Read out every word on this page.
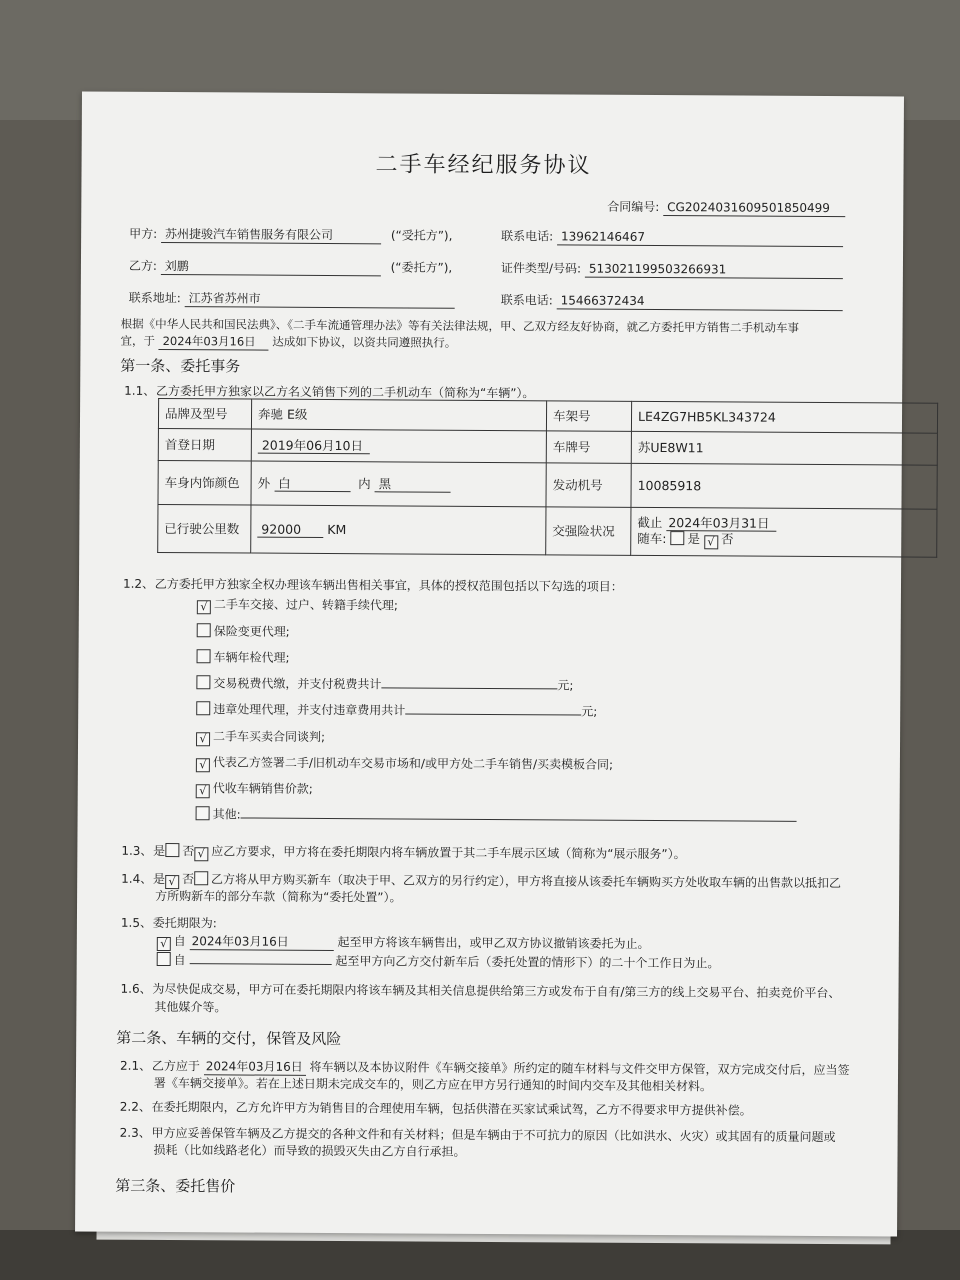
二手车经纪服务协议
合同编号: CG2024031609501850499
甲方: 苏州捷骏汽车销售服务有限公司	(“受托方”),	联系电话: 13962146467
乙方: 刘鹏	(“委托方”),	证件类型/号码: 513021199503266931
联系地址: 江苏省苏州市	联系电话: 15466372434
根据《中华人民共和国民法典》、《二手车流通管理办法》等有关法律法规，甲、乙双方经友好协商，就乙方委托甲方销售二手机动车事
宜，于 2024年03月16日 达成如下协议，以资共同遵照执行。
第一条、委托事务
1.1、 乙方委托甲方独家以乙方名义销售下列的二手机动车（简称为“车辆”）。
品牌及型号	奔驰 E级	车架号	LE4ZG7HB5KL343724
首登日期	2019年06月10日	车牌号	苏UE8W11
车身内饰颜色	外 白 内 黑	发动机号	10085918
已行驶公里数	92000 KM	交强险状况	截止 2024年03月31日
随车: 是 √ 否
1.2、 乙方委托甲方独家全权办理该车辆出售相关事宜，具体的授权范围包括以下勾选的项目：
√ 二手车交接、过户、转籍手续代理;
保险变更代理;
车辆年检代理;
交易税费代缴，并支付税费共计	元;
违章处理代理，并支付违章费用共计	元;
√ 二手车买卖合同谈判;
√ 代表乙方签署二手/旧机动车交易市场和/或甲方处二手车销售/买卖模板合同;
√ 代收车辆销售价款;
其他:
1.3、 是 否 √ 应乙方要求，甲方将在委托期限内将车辆放置于其二手车展示区域（简称为“展示服务”）。
1.4、 是 √ 否 乙方将从甲方购买新车（取决于甲、乙双方的另行约定），甲方将直接从该委托车辆购买方处收取车辆的出售款以抵扣乙
方所购新车的部分车款（简称为“委托处置”）。
1.5、 委托期限为:
√ 自 2024年03月16日	起至甲方将该车辆售出，或甲乙双方协议撤销该委托为止。
自	起至甲方向乙方交付新车后（委托处置的情形下）的二十个工作日为止。
1.6、 为尽快促成交易，甲方可在委托期限内将该车辆及其相关信息提供给第三方或发布于自有/第三方的线上交易平台、拍卖竞价平台、
其他媒介等。
第二条、车辆的交付，保管及风险
2.1、 乙方应于 2024年03月16日 将车辆以及本协议附件《车辆交接单》所约定的随车材料与文件交甲方保管，双方完成交付后，应当签
署《车辆交接单》。若在上述日期未完成交车的，则乙方应在甲方另行通知的时间内交车及其他相关材料。
2.2、 在委托期限内，乙方允许甲方为销售目的合理使用车辆，包括供潜在买家试乘试驾，乙方不得要求甲方提供补偿。
2.3、 甲方应妥善保管车辆及乙方提交的各种文件和有关材料；但是车辆由于不可抗力的原因（比如洪水、火灾）或其固有的质量问题或
损耗（比如线路老化）而导致的损毁灭失由乙方自行承担。
第三条、委托售价
